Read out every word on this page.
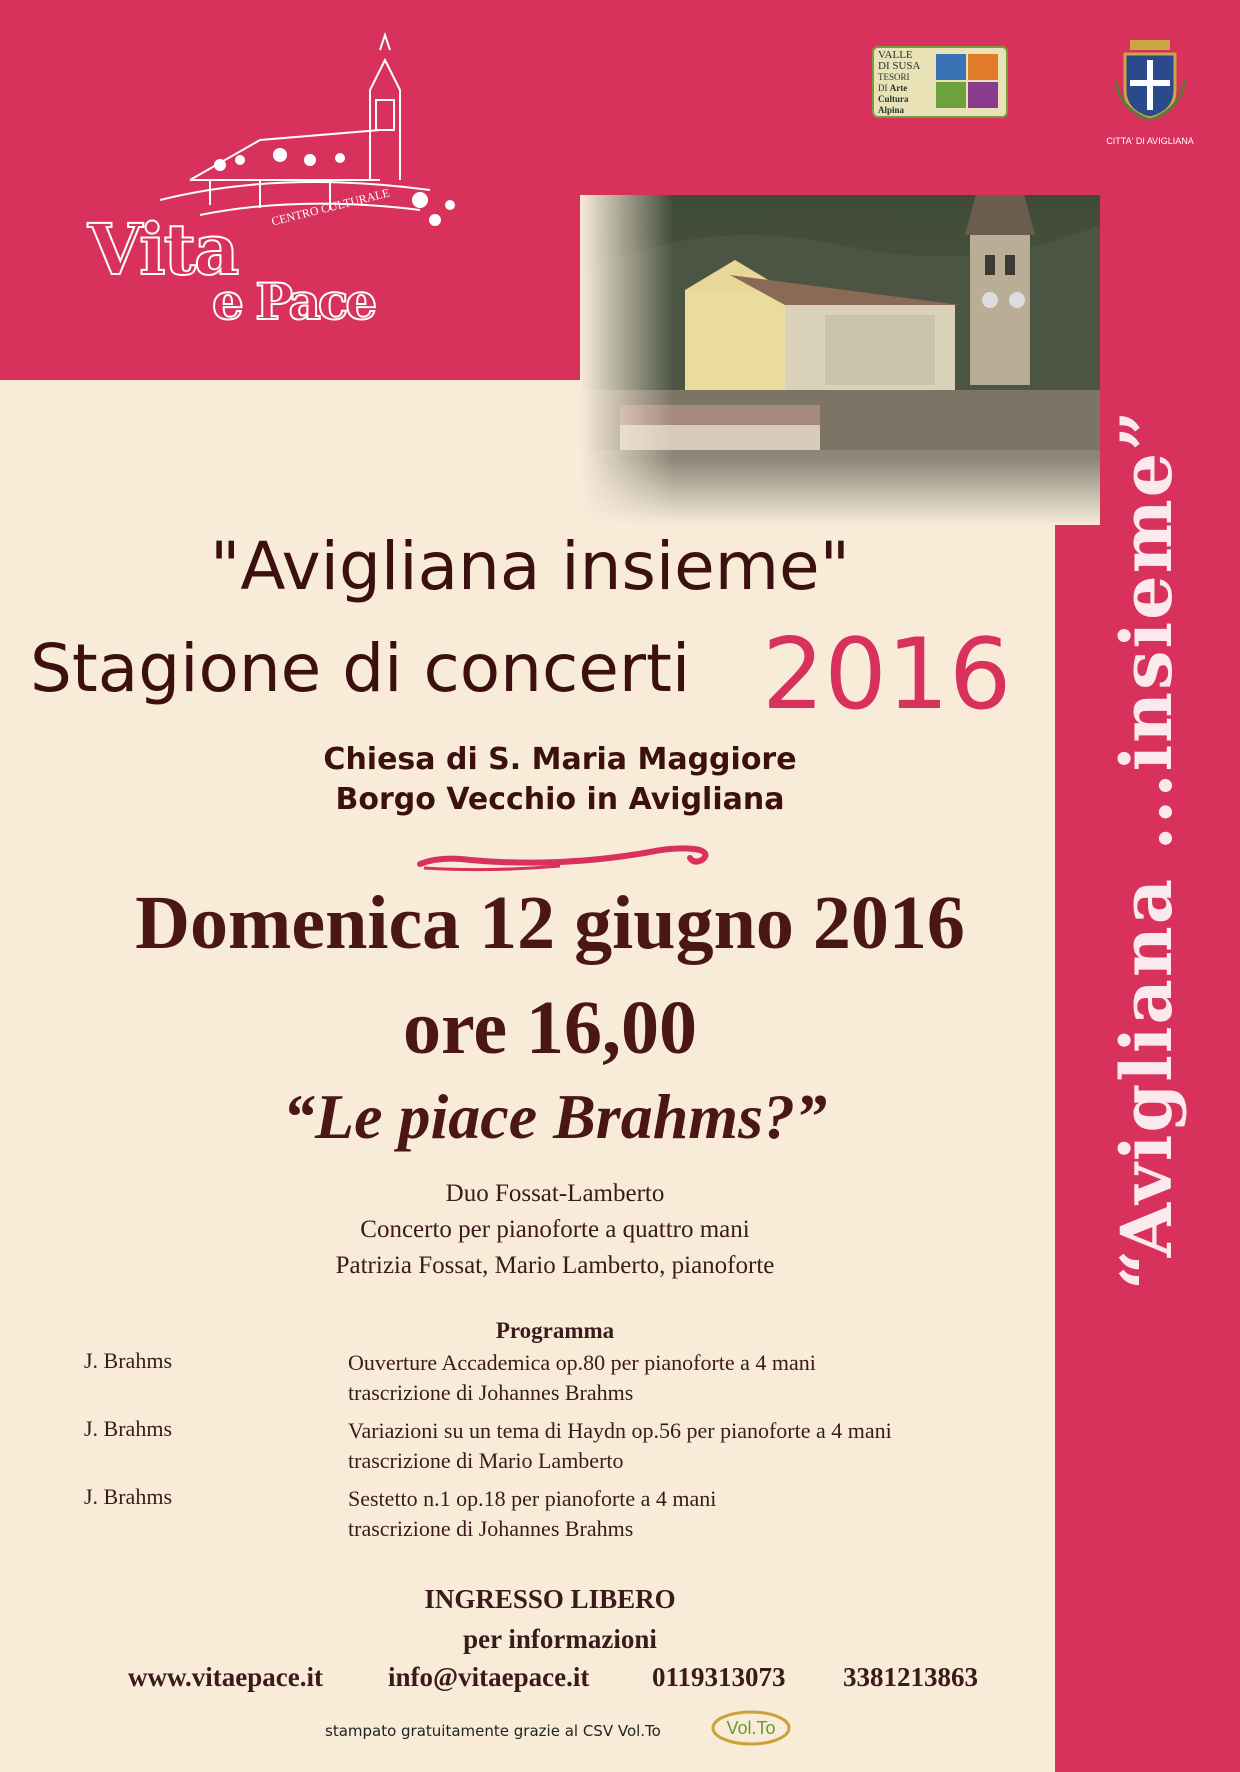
Vita
e Pace
CENTRO CULTURALE
VALLE
DI SUSA
TESORI
DI Arte
Cultura
Alpina
CITTA' DI AVIGLIANA
“Avigliana ...insieme”
"Avigliana insieme"
Stagione di concerti 2016
Chiesa di S. Maria Maggiore
Borgo Vecchio in Avigliana
Domenica 12 giugno 2016
ore 16,00
“Le piace Brahms?”
Duo Fossat-Lamberto
Concerto per pianoforte a quattro mani
Patrizia Fossat, Mario Lamberto, pianoforte
Programma
J. Brahms	Ouverture Accademica op.80 per pianoforte a 4 mani
trascrizione di Johannes Brahms
J. Brahms	Variazioni su un tema di Haydn op.56 per pianoforte a 4 mani
trascrizione di Mario Lamberto
J. Brahms	Sestetto n.1 op.18 per pianoforte a 4 mani
trascrizione di Johannes Brahms
INGRESSO LIBERO
per informazioni
www.vitaepace.it info@vitaepace.it 0119313073 3381213863
stampato gratuitamente grazie al CSV Vol.To	Vol.To
